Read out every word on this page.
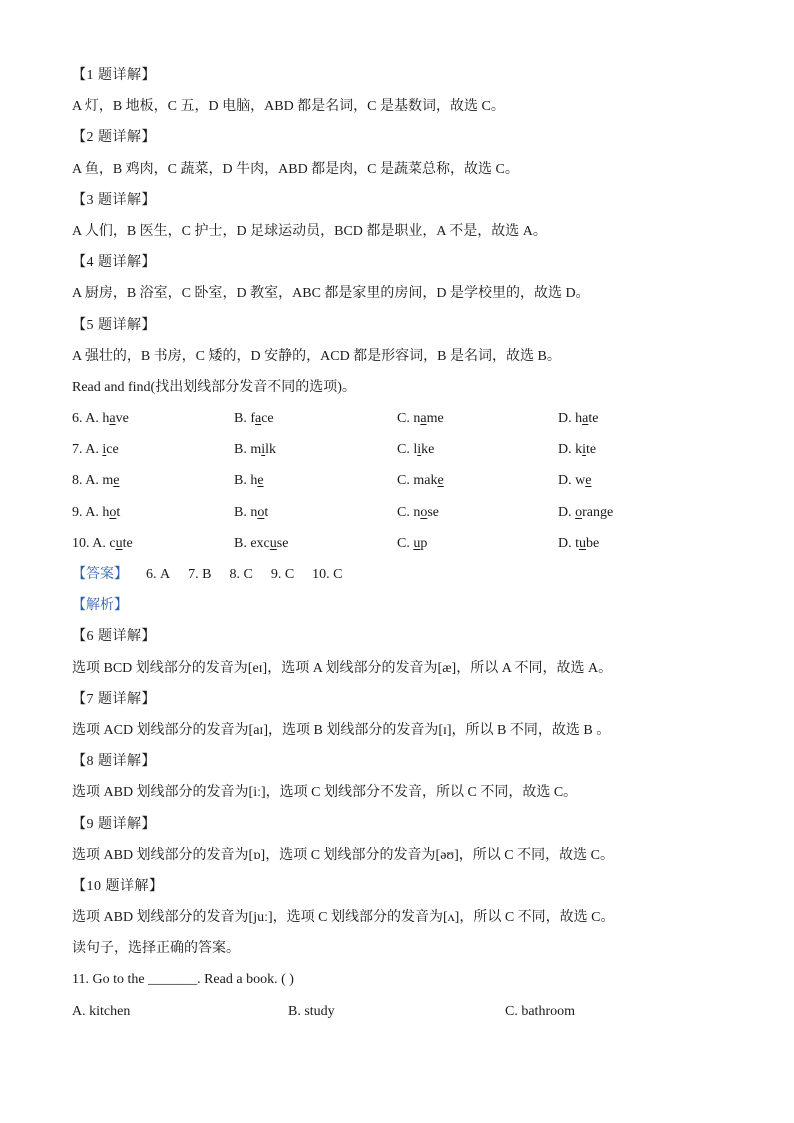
【1 题详解】
A 灯，B 地板，C 五，D 电脑，ABD 都是名词，C 是基数词，故选 C。
【2 题详解】
A 鱼，B 鸡肉，C 蔬菜，D 牛肉，ABD 都是肉，C 是蔬菜总称，故选 C。
【3 题详解】
A 人们，B 医生，C 护士，D 足球运动员，BCD 都是职业，A 不是，故选 A。
【4 题详解】
A 厨房，B 浴室，C 卧室，D 教室，ABC 都是家里的房间，D 是学校里的，故选 D。
【5 题详解】
A 强壮的，B 书房，C 矮的，D 安静的，ACD 都是形容词，B 是名词，故选 B。
Read and find(找出划线部分发音不同的选项)。
6. A. have	B. face	C. name	D. hate
7. A. ice	B. milk	C. like	D. kite
8. A. me	B. he	C. make	D. we
9. A. hot	B. not	C. nose	D. orange
10. A. cute	B. excuse	C. up	D. tube
【答案】 6. A 7. B 8. C 9. C 10. C
【解析】
【6 题详解】
选项 BCD 划线部分的发音为[eɪ]，选项 A 划线部分的发音为[æ]，所以 A 不同，故选 A。
【7 题详解】
选项 ACD 划线部分的发音为[aɪ]，选项 B 划线部分的发音为[ɪ]，所以 B 不同，故选 B 。
【8 题详解】
选项 ABD 划线部分的发音为[iː]，选项 C 划线部分不发音，所以 C 不同，故选 C。
【9 题详解】
选项 ABD 划线部分的发音为[ɒ]，选项 C 划线部分的发音为[əʊ]，所以 C 不同，故选 C。
【10 题详解】
选项 ABD 划线部分的发音为[juː]，选项 C 划线部分的发音为[ʌ]，所以 C 不同，故选 C。
读句子，选择正确的答案。
11. Go to the _______. Read a book. ( )
A. kitchen	B. study	C. bathroom
